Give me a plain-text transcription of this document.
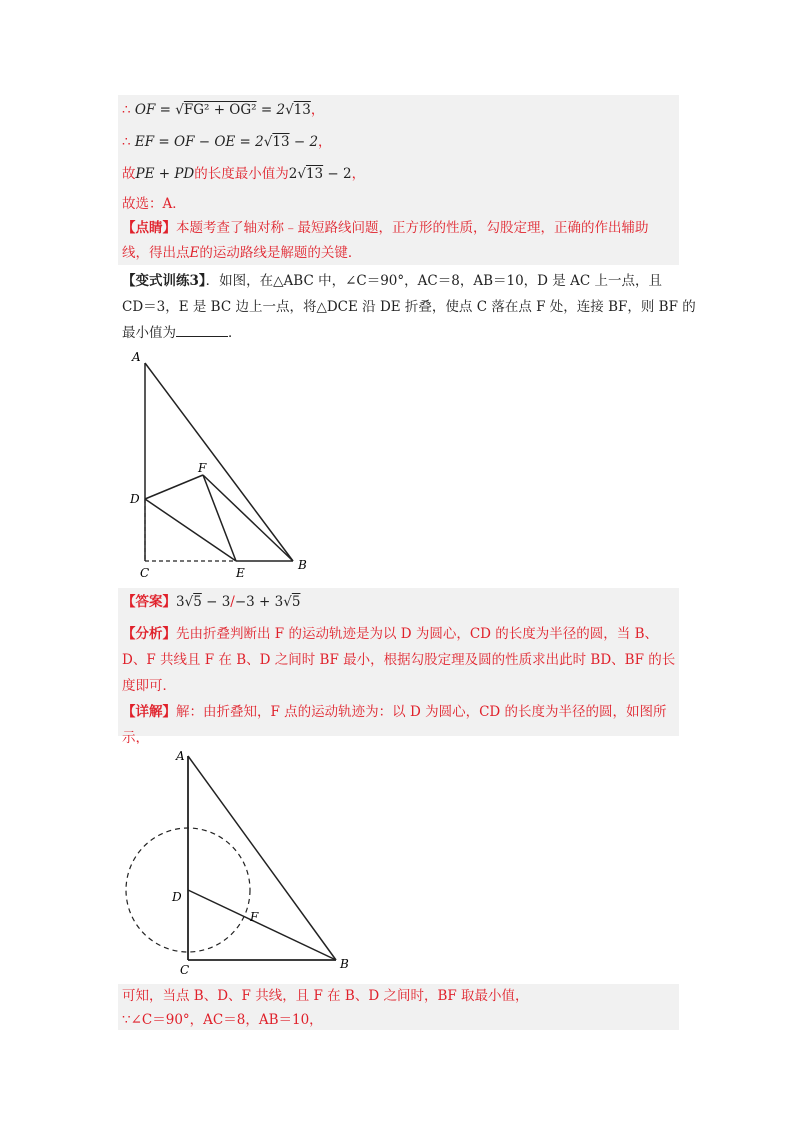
∴ OF = √FG² + OG² = 2√13，
∴ EF = OF − OE = 2√13 − 2，
故PE + PD的长度最小值为2√13 − 2，
故选：A．
【点睛】本题考查了轴对称﹣最短路线问题，正方形的性质，勾股定理，正确的作出辅助
线，得出点E的运动路线是解题的关键．
【变式训练3】．如图，在△ABC 中，∠C＝90°，AC＝8，AB＝10，D 是 AC 上一点，且
CD＝3，E 是 BC 边上一点，将△DCE 沿 DE 折叠，使点 C 落在点 F 处，连接 BF，则 BF 的
最小值为	．
A
F
D
C	E
B
【答案】3√5 − 3/−3 + 3√5
【分析】先由折叠判断出 F 的运动轨迹是为以 D 为圆心，CD 的长度为半径的圆，当 B、
D、F 共线且 F 在 B、D 之间时 BF 最小，根据勾股定理及圆的性质求出此时 BD、BF 的长
度即可．
【详解】解：由折叠知，F 点的运动轨迹为：以 D 为圆心，CD 的长度为半径的圆，如图所
示，
A
D
F
C	B
可知，当点 B、D、F 共线，且 F 在 B、D 之间时，BF 取最小值，
∵∠C＝90°，AC＝8，AB＝10，
